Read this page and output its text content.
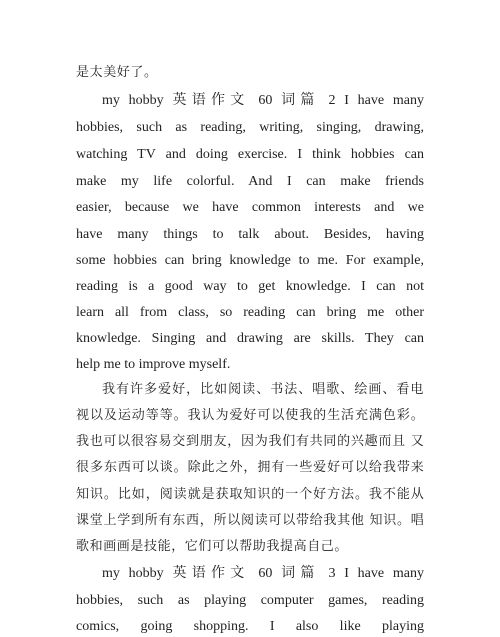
是太美好了。
my hobby 英语作文 60 词篇 2 I have many
hobbies, such as reading, writing, singing, drawing,
watching TV and doing exercise. I think hobbies can
make my life colorful. And I can make friends
easier, because we have common interests and we
have many things to talk about. Besides, having
some hobbies can bring knowledge to me. For example,
reading is a good way to get knowledge. I can not
learn all from class, so reading can bring me other
knowledge. Singing and drawing are skills. They can
help me to improve myself.
我有许多爱好，比如阅读、书法、唱歌、绘画、看电
视以及运动等等。我认为爱好可以使我的生活充满色彩。
我也可以很容易交到朋友，因为我们有共同的兴趣而且 又
很多东西可以谈。除此之外，拥有一些爱好可以给我带来
知识。比如，阅读就是获取知识的一个好方法。我不能从
课堂上学到所有东西，所以阅读可以带给我其他 知识。唱
歌和画画是技能，它们可以帮助我提高自己。
my hobby 英语作文 60 词篇 3 I have many
hobbies, such as playing computer games, reading
comics, going shopping. I also like playing
